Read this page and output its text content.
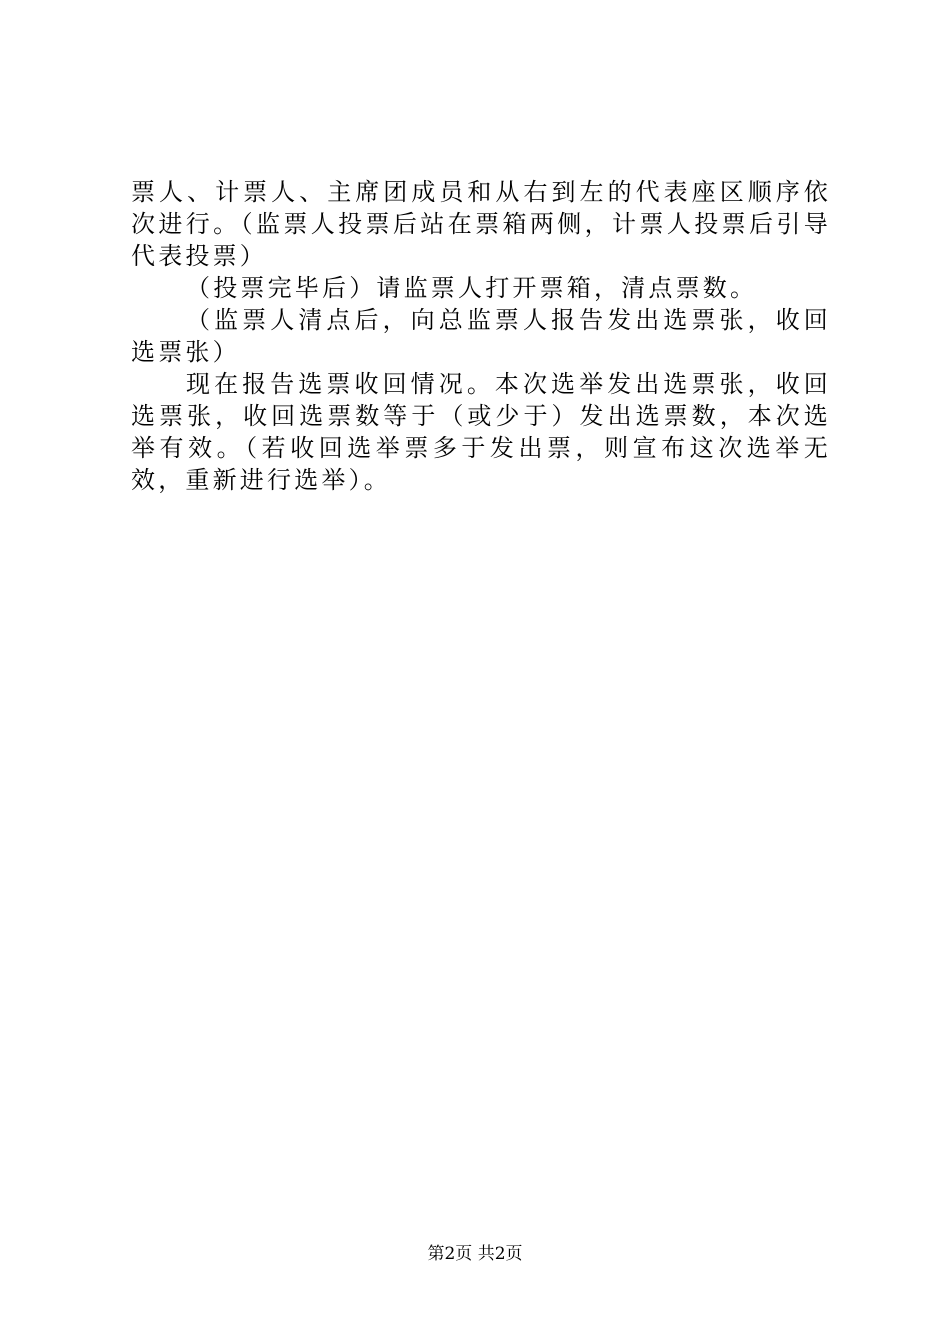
票人、计票人、主席团成员和从右到左的代表座区顺序依次进行。（监票人投票后站在票箱两侧，计票人投票后引导代表投票）

（投票完毕后）请监票人打开票箱，清点票数。

（监票人清点后，向总监票人报告发出选票张，收回选票张）

现在报告选票收回情况。本次选举发出选票张，收回选票张，收回选票数等于（或少于）发出选票数，本次选举有效。（若收回选举票多于发出票，则宣布这次选举无效，重新进行选举）。

第2页 共2页
